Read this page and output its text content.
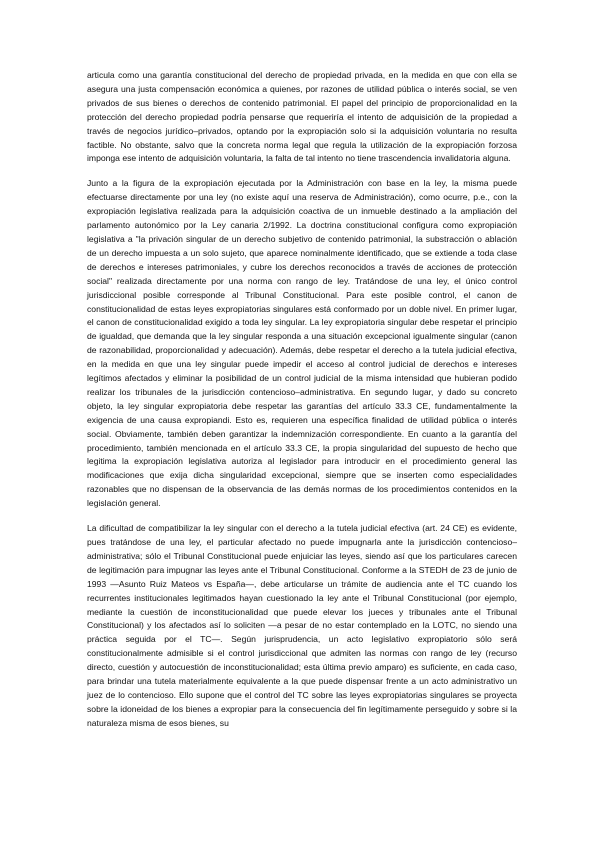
articula como una garantía constitucional del derecho de propiedad privada, en la medida en que con ella se asegura una justa compensación económica a quienes, por razones de utilidad pública o interés social, se ven privados de sus bienes o derechos de contenido patrimonial. El papel del principio de proporcionalidad en la protección del derecho propiedad podría pensarse que requeriría el intento de adquisición de la propiedad a través de negocios jurídico–privados, optando por la expropiación solo si la adquisición voluntaria no resulta factible. No obstante, salvo que la concreta norma legal que regula la utilización de la expropiación forzosa imponga ese intento de adquisición voluntaria, la falta de tal intento no tiene trascendencia invalidatoria alguna.

Junto a la figura de la expropiación ejecutada por la Administración con base en la ley, la misma puede efectuarse directamente por una ley (no existe aquí una reserva de Administración), como ocurre, p.e., con la expropiación legislativa realizada para la adquisición coactiva de un inmueble destinado a la ampliación del parlamento autonómico por la Ley canaria 2/1992. La doctrina constitucional configura como expropiación legislativa a "la privación singular de un derecho subjetivo de contenido patrimonial, la substracción o ablación de un derecho impuesta a un solo sujeto, que aparece nominalmente identificado, que se extiende a toda clase de derechos e intereses patrimoniales, y cubre los derechos reconocidos a través de acciones de protección social" realizada directamente por una norma con rango de ley. Tratándose de una ley, el único control jurisdiccional posible corresponde al Tribunal Constitucional. Para este posible control, el canon de constitucionalidad de estas leyes expropiatorias singulares está conformado por un doble nivel. En primer lugar, el canon de constitucionalidad exigido a toda ley singular. La ley expropiatoria singular debe respetar el principio de igualdad, que demanda que la ley singular responda a una situación excepcional igualmente singular (canon de razonabilidad, proporcionalidad y adecuación). Además, debe respetar el derecho a la tutela judicial efectiva, en la medida en que una ley singular puede impedir el acceso al control judicial de derechos e intereses legítimos afectados y eliminar la posibilidad de un control judicial de la misma intensidad que hubieran podido realizar los tribunales de la jurisdicción contencioso–administrativa. En segundo lugar, y dado su concreto objeto, la ley singular expropiatoria debe respetar las garantías del artículo 33.3 CE, fundamentalmente la exigencia de una causa expropiandi. Esto es, requieren una específica finalidad de utilidad pública o interés social. Obviamente, también deben garantizar la indemnización correspondiente. En cuanto a la garantía del procedimiento, también mencionada en el artículo 33.3 CE, la propia singularidad del supuesto de hecho que legitima la expropiación legislativa autoriza al legislador para introducir en el procedimiento general las modificaciones que exija dicha singularidad excepcional, siempre que se inserten como especialidades razonables que no dispensan de la observancia de las demás normas de los procedimientos contenidos en la legislación general.

La dificultad de compatibilizar la ley singular con el derecho a la tutela judicial efectiva (art. 24 CE) es evidente, pues tratándose de una ley, el particular afectado no puede impugnarla ante la jurisdicción contencioso–administrativa; sólo el Tribunal Constitucional puede enjuiciar las leyes, siendo así que los particulares carecen de legitimación para impugnar las leyes ante el Tribunal Constitucional. Conforme a la STEDH de 23 de junio de 1993 —Asunto Ruiz Mateos vs España—, debe articularse un trámite de audiencia ante el TC cuando los recurrentes institucionales legitimados hayan cuestionado la ley ante el Tribunal Constitucional (por ejemplo, mediante la cuestión de inconstitucionalidad que puede elevar los jueces y tribunales ante el Tribunal Constitucional) y los afectados así lo soliciten —a pesar de no estar contemplado en la LOTC, no siendo una práctica seguida por el TC—. Según jurisprudencia, un acto legislativo expropiatorio sólo será constitucionalmente admisible si el control jurisdiccional que admiten las normas con rango de ley (recurso directo, cuestión y autocuestión de inconstitucionalidad; esta última previo amparo) es suficiente, en cada caso, para brindar una tutela materialmente equivalente a la que puede dispensar frente a un acto administrativo un juez de lo contencioso. Ello supone que el control del TC sobre las leyes expropiatorias singulares se proyecta sobre la idoneidad de los bienes a expropiar para la consecuencia del fin legítimamente perseguido y sobre si la naturaleza misma de esos bienes, su
